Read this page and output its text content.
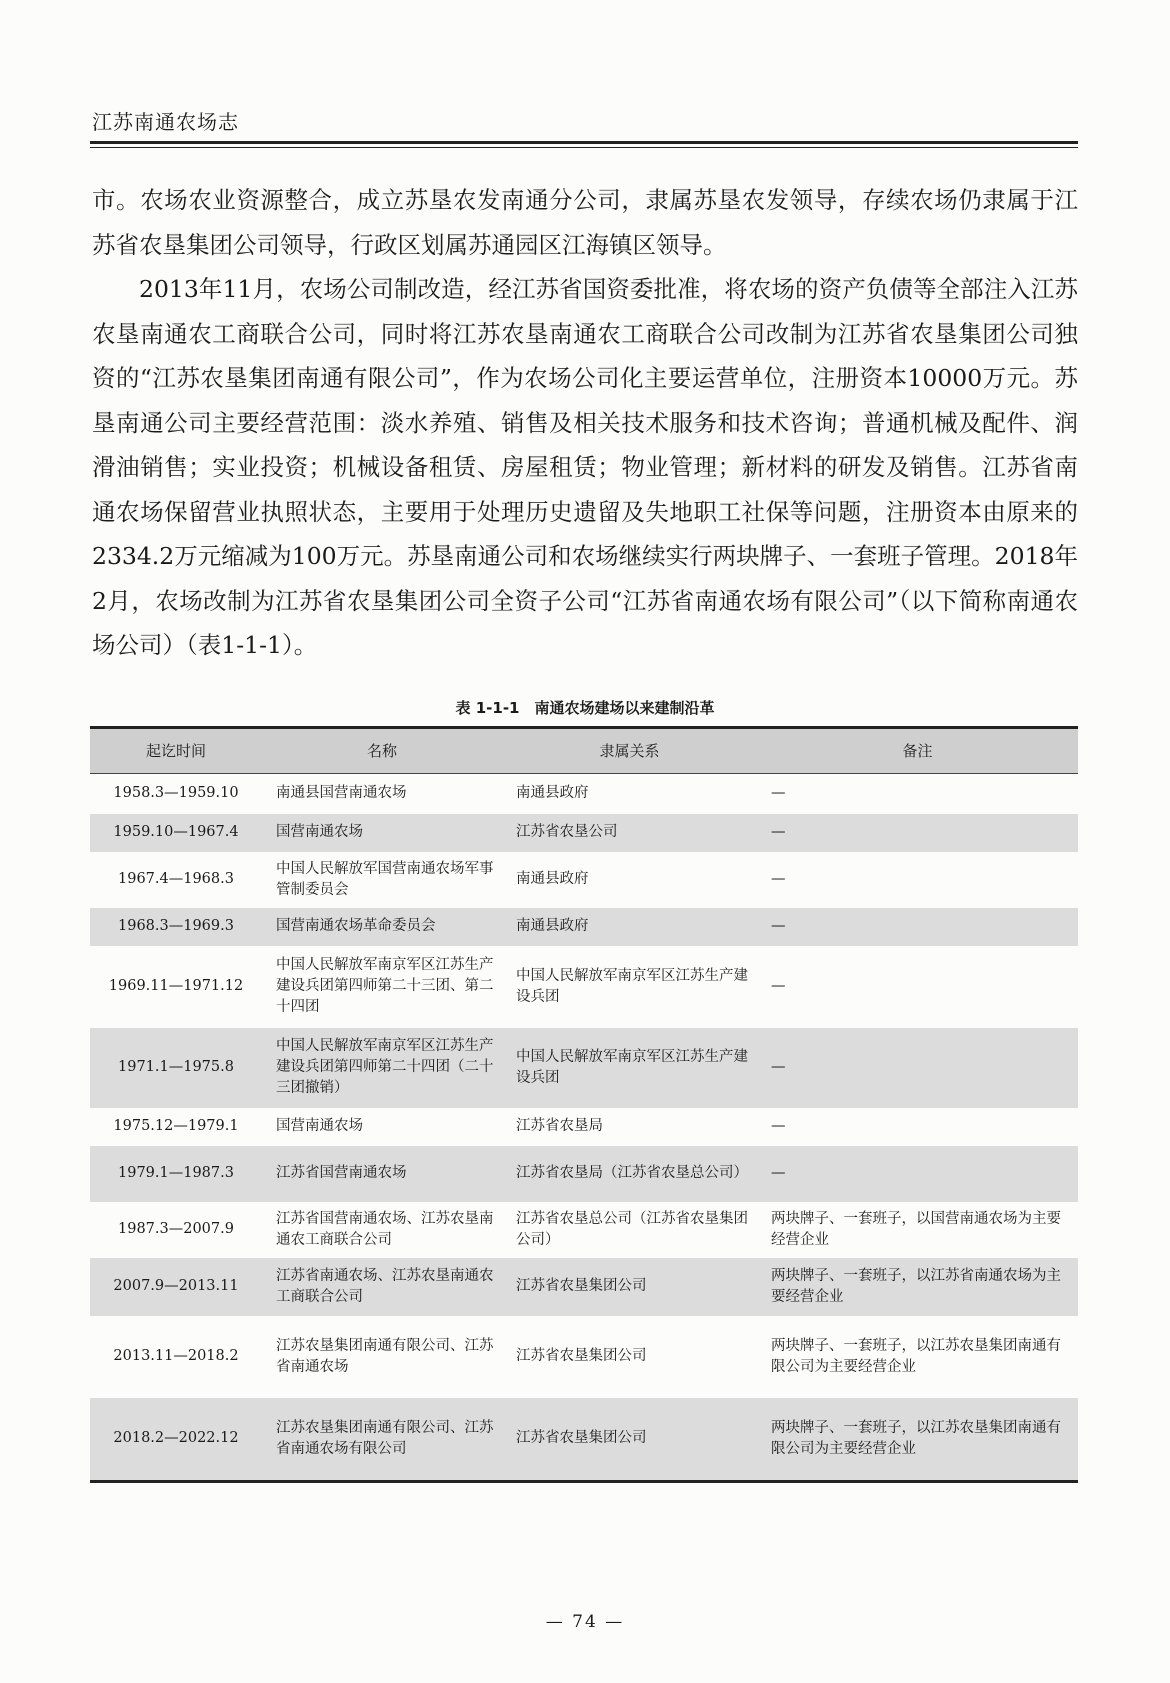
江苏南通农场志

市。农场农业资源整合，成立苏垦农发南通分公司，隶属苏垦农发领导，存续农场仍隶属于江苏省农垦集团公司领导，行政区划属苏通园区江海镇区领导。

2013年11月，农场公司制改造，经江苏省国资委批准，将农场的资产负债等全部注入江苏农垦南通农工商联合公司，同时将江苏农垦南通农工商联合公司改制为江苏省农垦集团公司独资的“江苏农垦集团南通有限公司”，作为农场公司化主要运营单位，注册资本10000万元。苏垦南通公司主要经营范围：淡水养殖、销售及相关技术服务和技术咨询；普通机械及配件、润滑油销售；实业投资；机械设备租赁、房屋租赁；物业管理；新材料的研发及销售。江苏省南通农场保留营业执照状态，主要用于处理历史遗留及失地职工社保等问题，注册资本由原来的2334.2万元缩减为100万元。苏垦南通公司和农场继续实行两块牌子、一套班子管理。2018年2月，农场改制为江苏省农垦集团公司全资子公司“江苏省南通农场有限公司”（以下简称南通农场公司）（表1-1-1）。

表 1-1-1　南通农场建场以来建制沿革
起讫时间	名称	隶属关系	备注
1958.3—1959.10	南通县国营南通农场	南通县政府	—
1959.10—1967.4	国营南通农场	江苏省农垦公司	—
1967.4—1968.3	中国人民解放军国营南通农场军事管制委员会	南通县政府	—
1968.3—1969.3	国营南通农场革命委员会	南通县政府	—
1969.11—1971.12	中国人民解放军南京军区江苏生产建设兵团第四师第二十三团、第二十四团	中国人民解放军南京军区江苏生产建设兵团	—
1971.1—1975.8	中国人民解放军南京军区江苏生产建设兵团第四师第二十四团（二十三团撤销）	中国人民解放军南京军区江苏生产建设兵团	—
1975.12—1979.1	国营南通农场	江苏省农垦局	—
1979.1—1987.3	江苏省国营南通农场	江苏省农垦局（江苏省农垦总公司）	—
1987.3—2007.9	江苏省国营南通农场、江苏农垦南通农工商联合公司	江苏省农垦总公司（江苏省农垦集团公司）	两块牌子、一套班子，以国营南通农场为主要经营企业
2007.9—2013.11	江苏省南通农场、江苏农垦南通农工商联合公司	江苏省农垦集团公司	两块牌子、一套班子，以江苏省南通农场为主要经营企业
2013.11—2018.2	江苏农垦集团南通有限公司、江苏省南通农场	江苏省农垦集团公司	两块牌子、一套班子，以江苏农垦集团南通有限公司为主要经营企业
2018.2—2022.12	江苏农垦集团南通有限公司、江苏省南通农场有限公司	江苏省农垦集团公司	两块牌子、一套班子，以江苏农垦集团南通有限公司为主要经营企业
— 74 —
